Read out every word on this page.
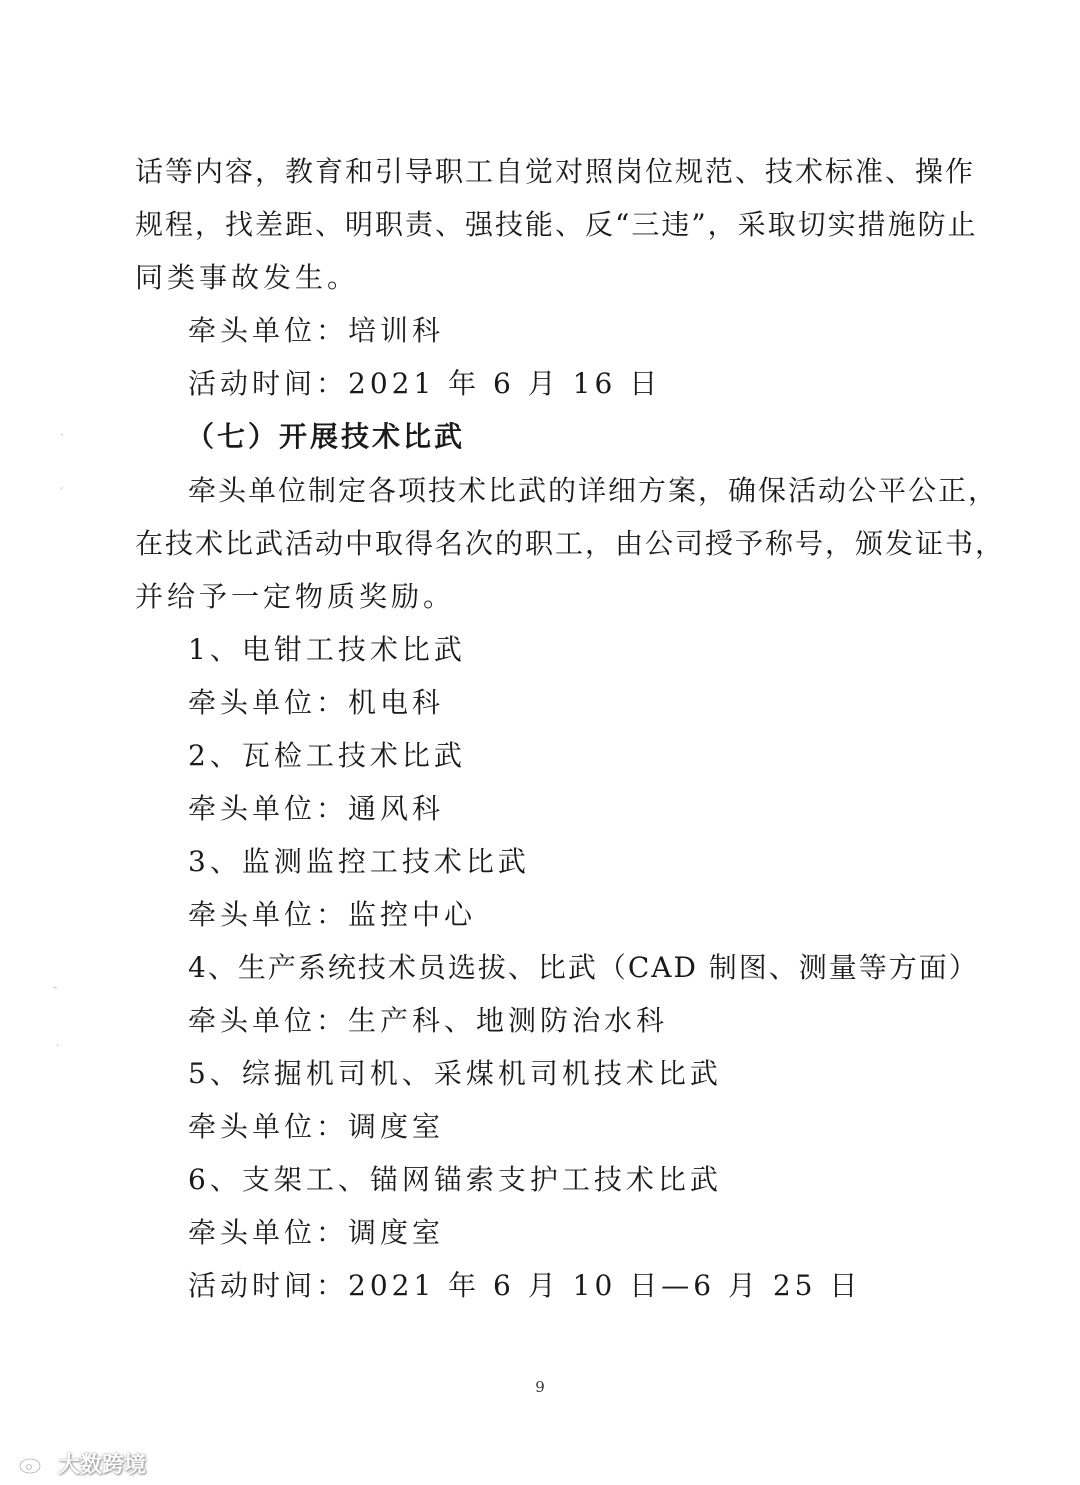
话等内容，教育和引导职工自觉对照岗位规范、技术标准、操作
规程，找差距、明职责、强技能、反“三违”，采取切实措施防止
同类事故发生。
牵头单位：培训科
活动时间：2021 年 6 月 16 日
（七）开展技术比武
牵头单位制定各项技术比武的详细方案，确保活动公平公正，
在技术比武活动中取得名次的职工，由公司授予称号，颁发证书，
并给予一定物质奖励。
1、电钳工技术比武
牵头单位：机电科
2、瓦检工技术比武
牵头单位：通风科
3、监测监控工技术比武
牵头单位：监控中心
4、生产系统技术员选拔、比武（CAD 制图、测量等方面）
牵头单位：生产科、地测防治水科
5、综掘机司机、采煤机司机技术比武
牵头单位：调度室
6、支架工、锚网锚索支护工技术比武
牵头单位：调度室
活动时间：2021 年 6 月 10 日—6 月 25 日
9
·
ˊ
ˉ
ˊ
大数跨境
